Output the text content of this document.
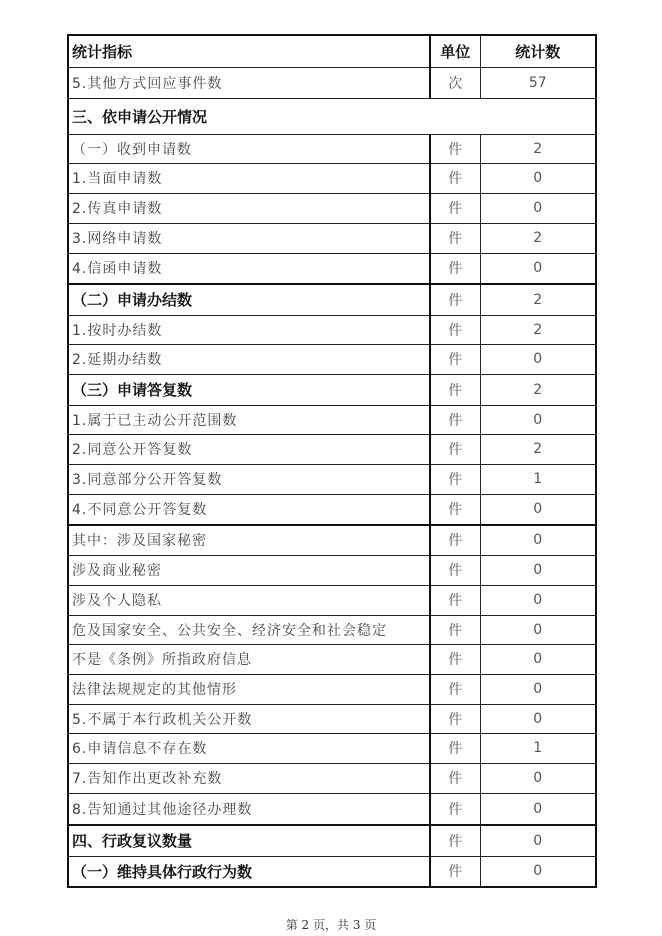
统计指标	单位	统计数
5.其他方式回应事件数	次	57
三、依申请公开情况		
（一）收到申请数	件	2
1.当面申请数	件	0
2.传真申请数	件	0
3.网络申请数	件	2
4.信函申请数	件	0
（二）申请办结数	件	2
1.按时办结数	件	2
2.延期办结数	件	0
（三）申请答复数	件	2
1.属于已主动公开范围数	件	0
2.同意公开答复数	件	2
3.同意部分公开答复数	件	1
4.不同意公开答复数	件	0
其中：涉及国家秘密	件	0
涉及商业秘密	件	0
涉及个人隐私	件	0
危及国家安全、公共安全、经济安全和社会稳定	件	0
不是《条例》所指政府信息	件	0
法律法规规定的其他情形	件	0
5.不属于本行政机关公开数	件	0
6.申请信息不存在数	件	1
7.告知作出更改补充数	件	0
8.告知通过其他途径办理数	件	0
四、行政复议数量	件	0
（一）维持具体行政行为数	件	0
第 2 页，共 3 页
